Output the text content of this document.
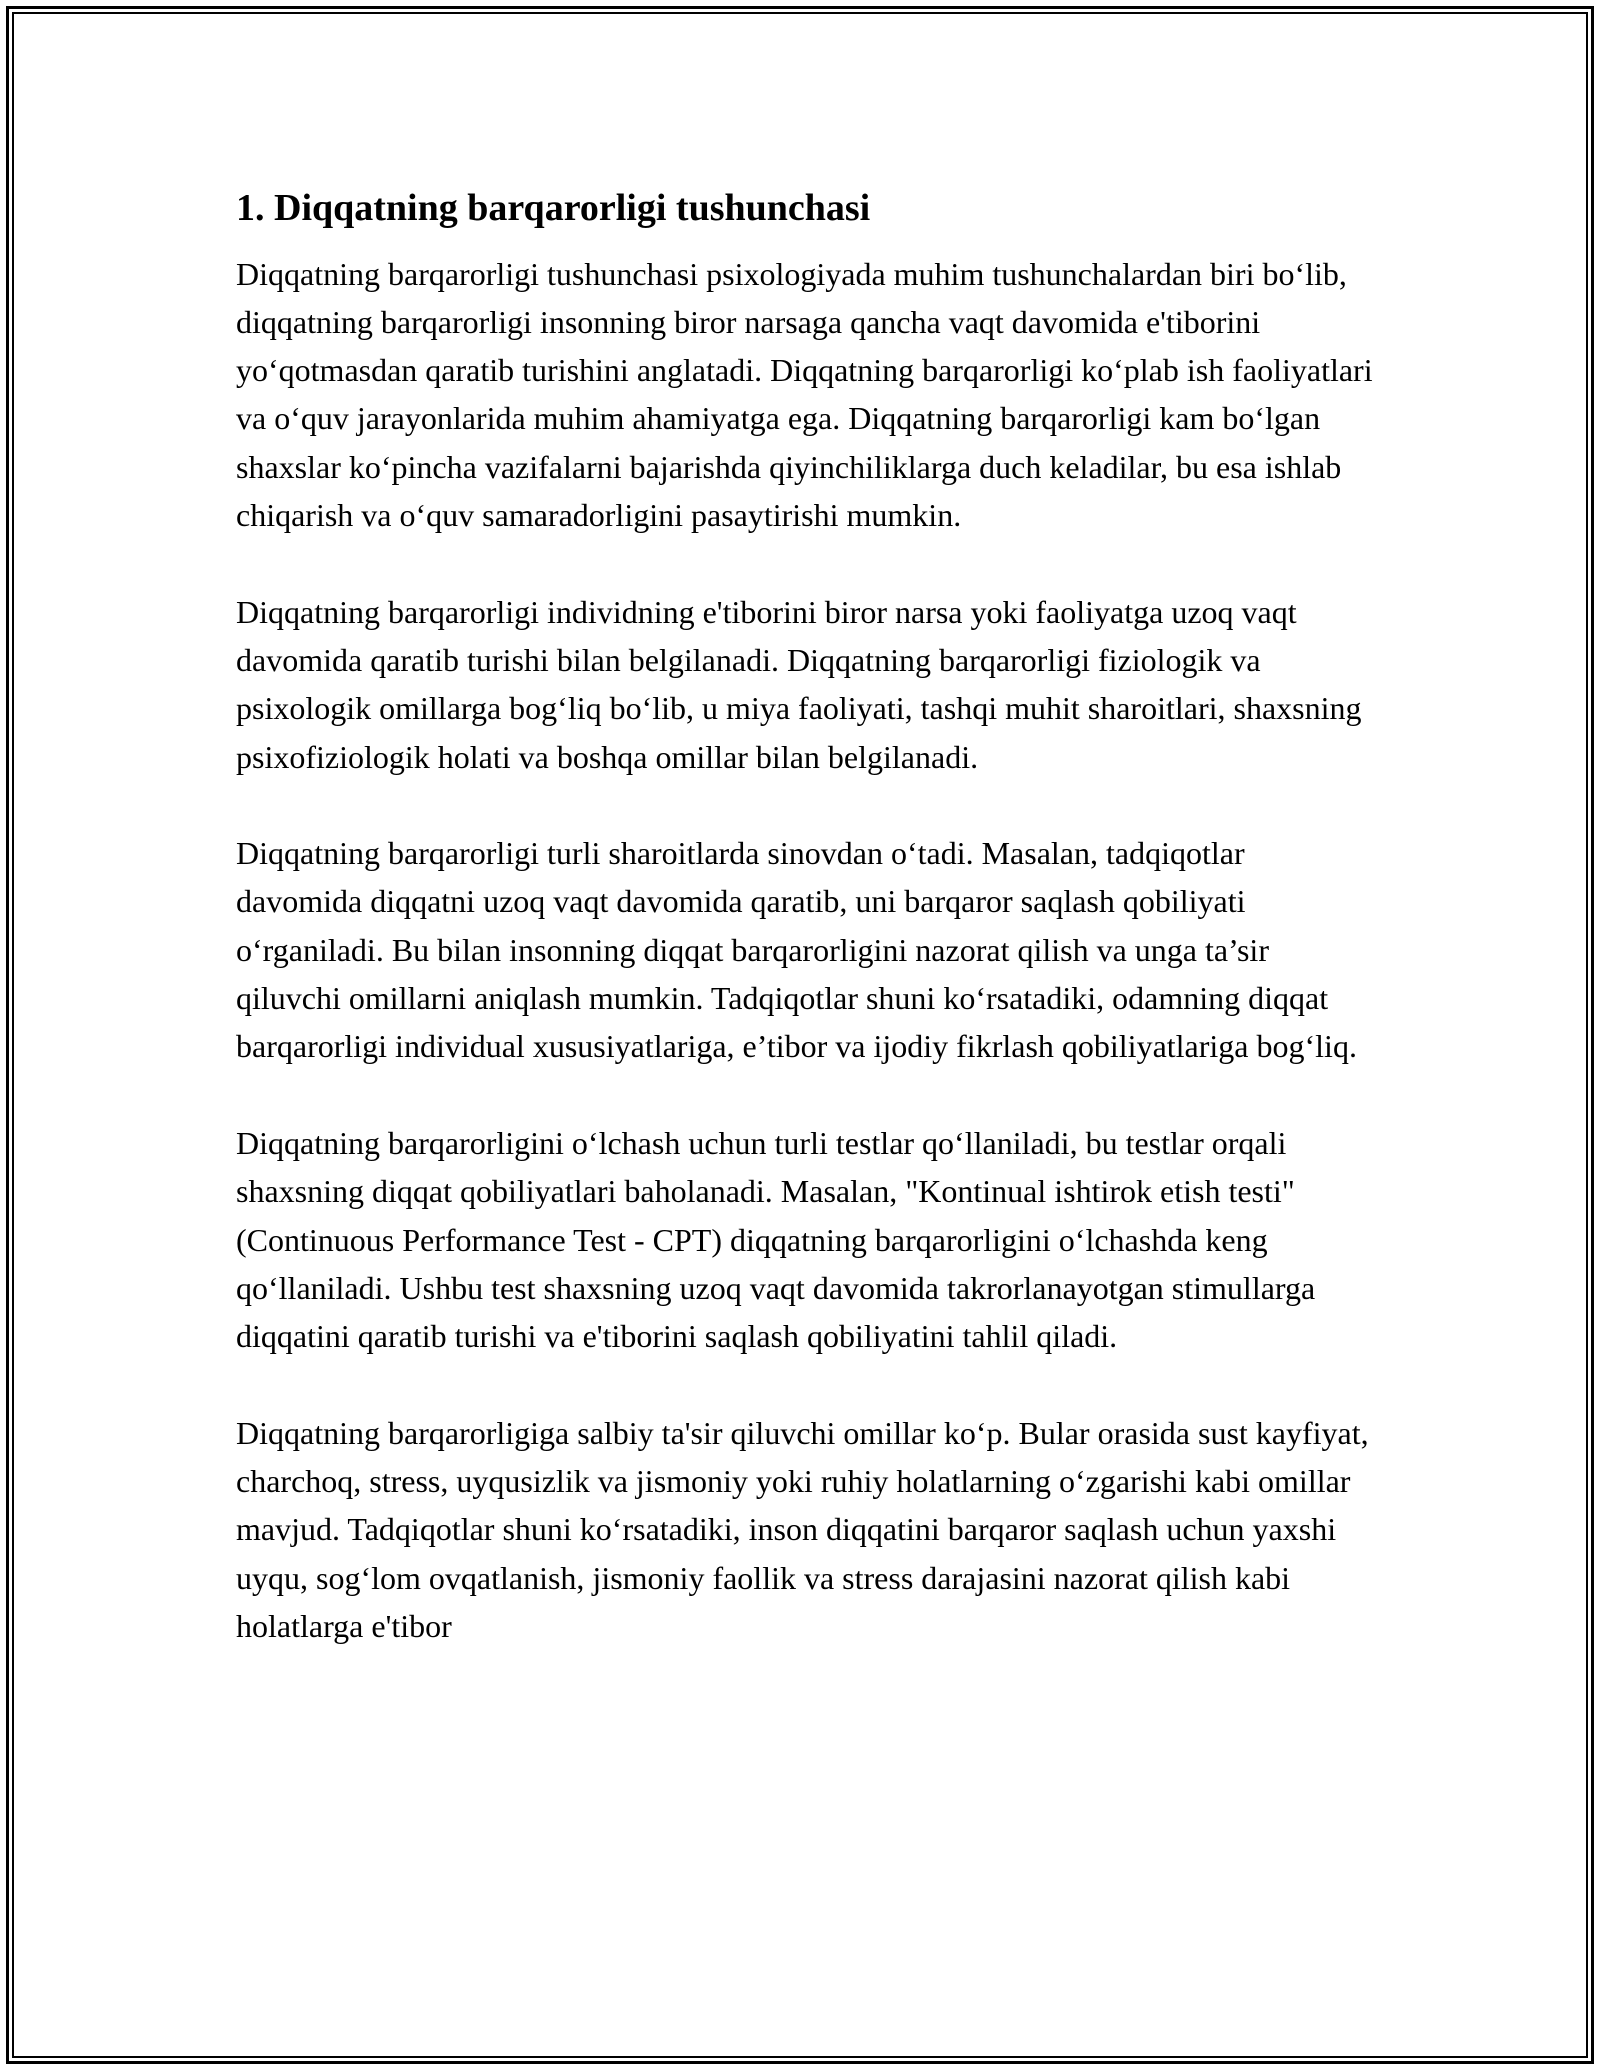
1. Diqqatning barqarorligi tushunchasi

Diqqatning barqarorligi tushunchasi psixologiyada muhim tushunchalardan biri bo‘lib, diqqatning barqarorligi insonning biror narsaga qancha vaqt davomida e'tiborini yo‘qotmasdan qaratib turishini anglatadi. Diqqatning barqarorligi ko‘plab ish faoliyatlari va o‘quv jarayonlarida muhim ahamiyatga ega. Diqqatning barqarorligi kam bo‘lgan shaxslar ko‘pincha vazifalarni bajarishda qiyinchiliklarga duch keladilar, bu esa ishlab chiqarish va o‘quv samaradorligini pasaytirishi mumkin.

Diqqatning barqarorligi individning e'tiborini biror narsa yoki faoliyatga uzoq vaqt davomida qaratib turishi bilan belgilanadi. Diqqatning barqarorligi fiziologik va psixologik omillarga bog‘liq bo‘lib, u miya faoliyati, tashqi muhit sharoitlari, shaxsning psixofiziologik holati va boshqa omillar bilan belgilanadi.

Diqqatning barqarorligi turli sharoitlarda sinovdan o‘tadi. Masalan, tadqiqotlar davomida diqqatni uzoq vaqt davomida qaratib, uni barqaror saqlash qobiliyati o‘rganiladi. Bu bilan insonning diqqat barqarorligini nazorat qilish va unga ta’sir qiluvchi omillarni aniqlash mumkin. Tadqiqotlar shuni ko‘rsatadiki, odamning diqqat barqarorligi individual xususiyatlariga, e’tibor va ijodiy fikrlash qobiliyatlariga bog‘liq.

Diqqatning barqarorligini o‘lchash uchun turli testlar qo‘llaniladi, bu testlar orqali shaxsning diqqat qobiliyatlari baholanadi. Masalan, "Kontinual ishtirok etish testi" (Continuous Performance Test - CPT) diqqatning barqarorligini o‘lchashda keng qo‘llaniladi. Ushbu test shaxsning uzoq vaqt davomida takrorlanayotgan stimullarga diqqatini qaratib turishi va e'tiborini saqlash qobiliyatini tahlil qiladi.

Diqqatning barqarorligiga salbiy ta'sir qiluvchi omillar ko‘p. Bular orasida sust kayfiyat, charchoq, stress, uyqusizlik va jismoniy yoki ruhiy holatlarning o‘zgarishi kabi omillar mavjud. Tadqiqotlar shuni ko‘rsatadiki, inson diqqatini barqaror saqlash uchun yaxshi uyqu, sog‘lom ovqatlanish, jismoniy faollik va stress darajasini nazorat qilish kabi holatlarga e'tibor
